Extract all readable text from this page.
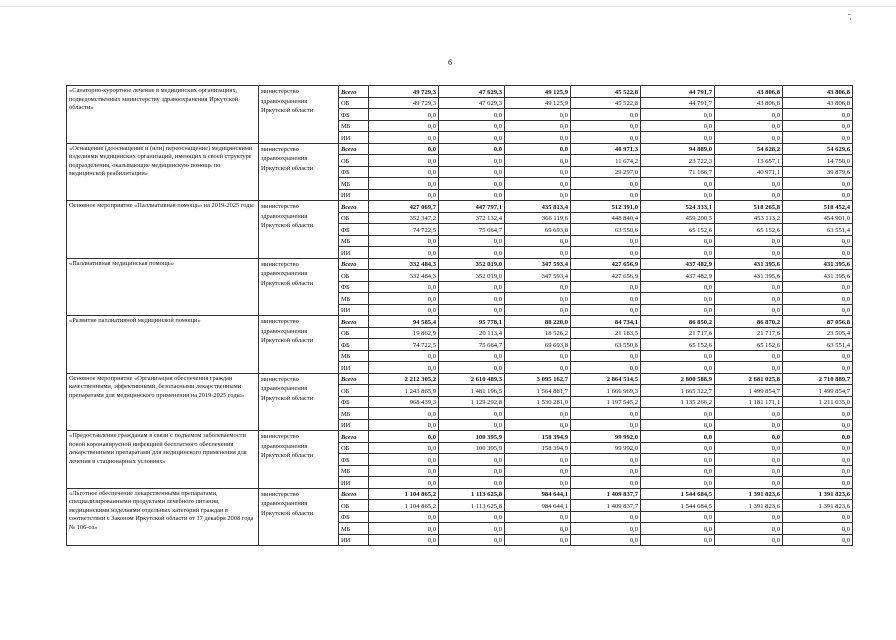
6
«Санаторно-курортное лечение в медицинских организациях, подведомственных министерству здравоохранения Иркутской области»	министерство здравоохранения Иркутской области	Всего	49 729,3	47 629,3	49 125,9	45 522,8	44 791,7	43 806,8	43 806,8
		ОБ	49 729,3	47 629,3	49 125,9	45 522,8	44 791,7	43 806,8	43 806,8
		ФБ	0,0	0,0	0,0	0,0	0,0	0,0	0,0
		МБ	0,0	0,0	0,0	0,0	0,0	0,0	0,0
		ИИ	0,0	0,0	0,0	0,0	0,0	0,0	0,0
«Оснащение (дооснащение и (или) переоснащение) медицинскими изделиями медицинских организаций, имеющих в своей структуре подразделения, оказывающие медицинскую помощь по медицинской реабилитации»	министерство здравоохранения Иркутской области	Всего	0,0	0,0	0,0	40 971,3	94 889,0	54 628,2	54 629,6
		ОБ	0,0	0,0	0,0	11 674,2	23 722,3	13 657,1	14 750,0
		ФБ	0,0	0,0	0,0	29 297,0	71 166,7	40 971,1	39 879,6
		МБ	0,0	0,0	0,0	0,0	0,0	0,0	0,0
		ИИ	0,0	0,0	0,0	0,0	0,0	0,0	0,0
Основное мероприятие «Паллиативная помощь» на 2019-2025 годы	министерство здравоохранения Иркутской области	Всего	427 069,7	447 797,1	435 813,4	512 391,0	524 333,1	518 265,8	518 452,4
		ОБ	352 347,2	372 132,4	366 119,6	448 840,4	459 200,5	453 113,2	454 901,0
		ФБ	74 722,5	75 664,7	69 693,8	63 550,6	65 152,6	65 152,6	63 551,4
		МБ	0,0	0,0	0,0	0,0	0,0	0,0	0,0
		ИИ	0,0	0,0	0,0	0,0	0,0	0,0	0,0
«Паллиативная медицинская помощь»	министерство здравоохранения Иркутской области	Всего	332 484,3	352 019,0	347 593,4	427 656,9	437 482,9	431 395,6	431 395,6
		ОБ	332 484,3	352 019,0	347 593,4	427 656,9	437 482,9	431 395,6	431 395,6
		ФБ	0,0	0,0	0,0	0,0	0,0	0,0	0,0
		МБ	0,0	0,0	0,0	0,0	0,0	0,0	0,0
		ИИ	0,0	0,0	0,0	0,0	0,0	0,0	0,0
«Развитие паллиативной медицинской помощи»	министерство здравоохранения Иркутской области	Всего	94 585,4	95 778,1	88 220,0	84 734,1	86 850,2	86 870,2	87 056,8
		ОБ	19 862,9	20 113,4	18 526,2	21 183,5	21 717,6	21 717,6	23 505,4
		ФБ	74 722,5	75 664,7	69 693,8	63 550,6	65 152,6	65 152,6	63 551,4
		МБ	0,0	0,0	0,0	0,0	0,0	0,0	0,0
		ИИ	0,0	0,0	0,0	0,0	0,0	0,0	0,0
Основное мероприятие «Организация обеспечения граждан качественными, эффективными, безопасными лекарственными препаратами для медицинского применения на 2019-2025 годы»	министерство здравоохранения Иркутской области	Всего	2 212 305,2	2 610 489,3	3 095 162,7	2 864 514,5	2 800 588,9	2 681 025,8	2 710 889,7
		ОБ	1 243 865,9	1 481 196,5	1 564 881,7	1 666 969,3	1 665 322,7	1 499 854,7	1 499 854,7
		ФБ	968 439,3	1 129 292,8	1 530 281,0	1 197 545,2	1 135 266,2	1 181 171,1	1 211 035,0
		МБ	0,0	0,0	0,0	0,0	0,0	0,0	0,0
		ИИ	0,0	0,0	0,0	0,0	0,0	0,0	0,0
«Предоставление гражданам в связи с подъемом заболеваемости новой коронавирусной инфекцией бесплатного обеспечения лекарственными препаратами для медицинского применения для лечения в стационарных условиях»	министерство здравоохранения Иркутской области	Всего	0,0	100 395,9	158 394,9	99 992,0	0,0	0,0	0,0
		ОБ	0,0	100 395,9	158 394,9	99 992,0	0,0	0,0	0,0
		ФБ	0,0	0,0	0,0	0,0	0,0	0,0	0,0
		МБ	0,0	0,0	0,0	0,0	0,0	0,0	0,0
		ИИ	0,0	0,0	0,0	0,0	0,0	0,0	0,0
«Льготное обеспечение лекарственными препаратами, специализированными продуктами лечебного питания, медицинскими изделиями отдельных категорий граждан в соответствии с Законом Иркутской области от 17 декабря 2008 года № 106-оз»	министерство здравоохранения Иркутской области	Всего	1 104 865,2	1 113 625,8	984 644,1	1 409 837,7	1 544 684,5	1 391 823,6	1 391 823,6
		ОБ	1 104 865,2	1 113 625,8	984 644,1	1 409 837,7	1 544 684,5	1 391 823,6	1 391 823,6
		ФБ	0,0	0,0	0,0	0,0	0,0	0,0	0,0
		МБ	0,0	0,0	0,0	0,0	0,0	0,0	0,0
		ИИ	0,0	0,0	0,0	0,0	0,0	0,0	0,0
